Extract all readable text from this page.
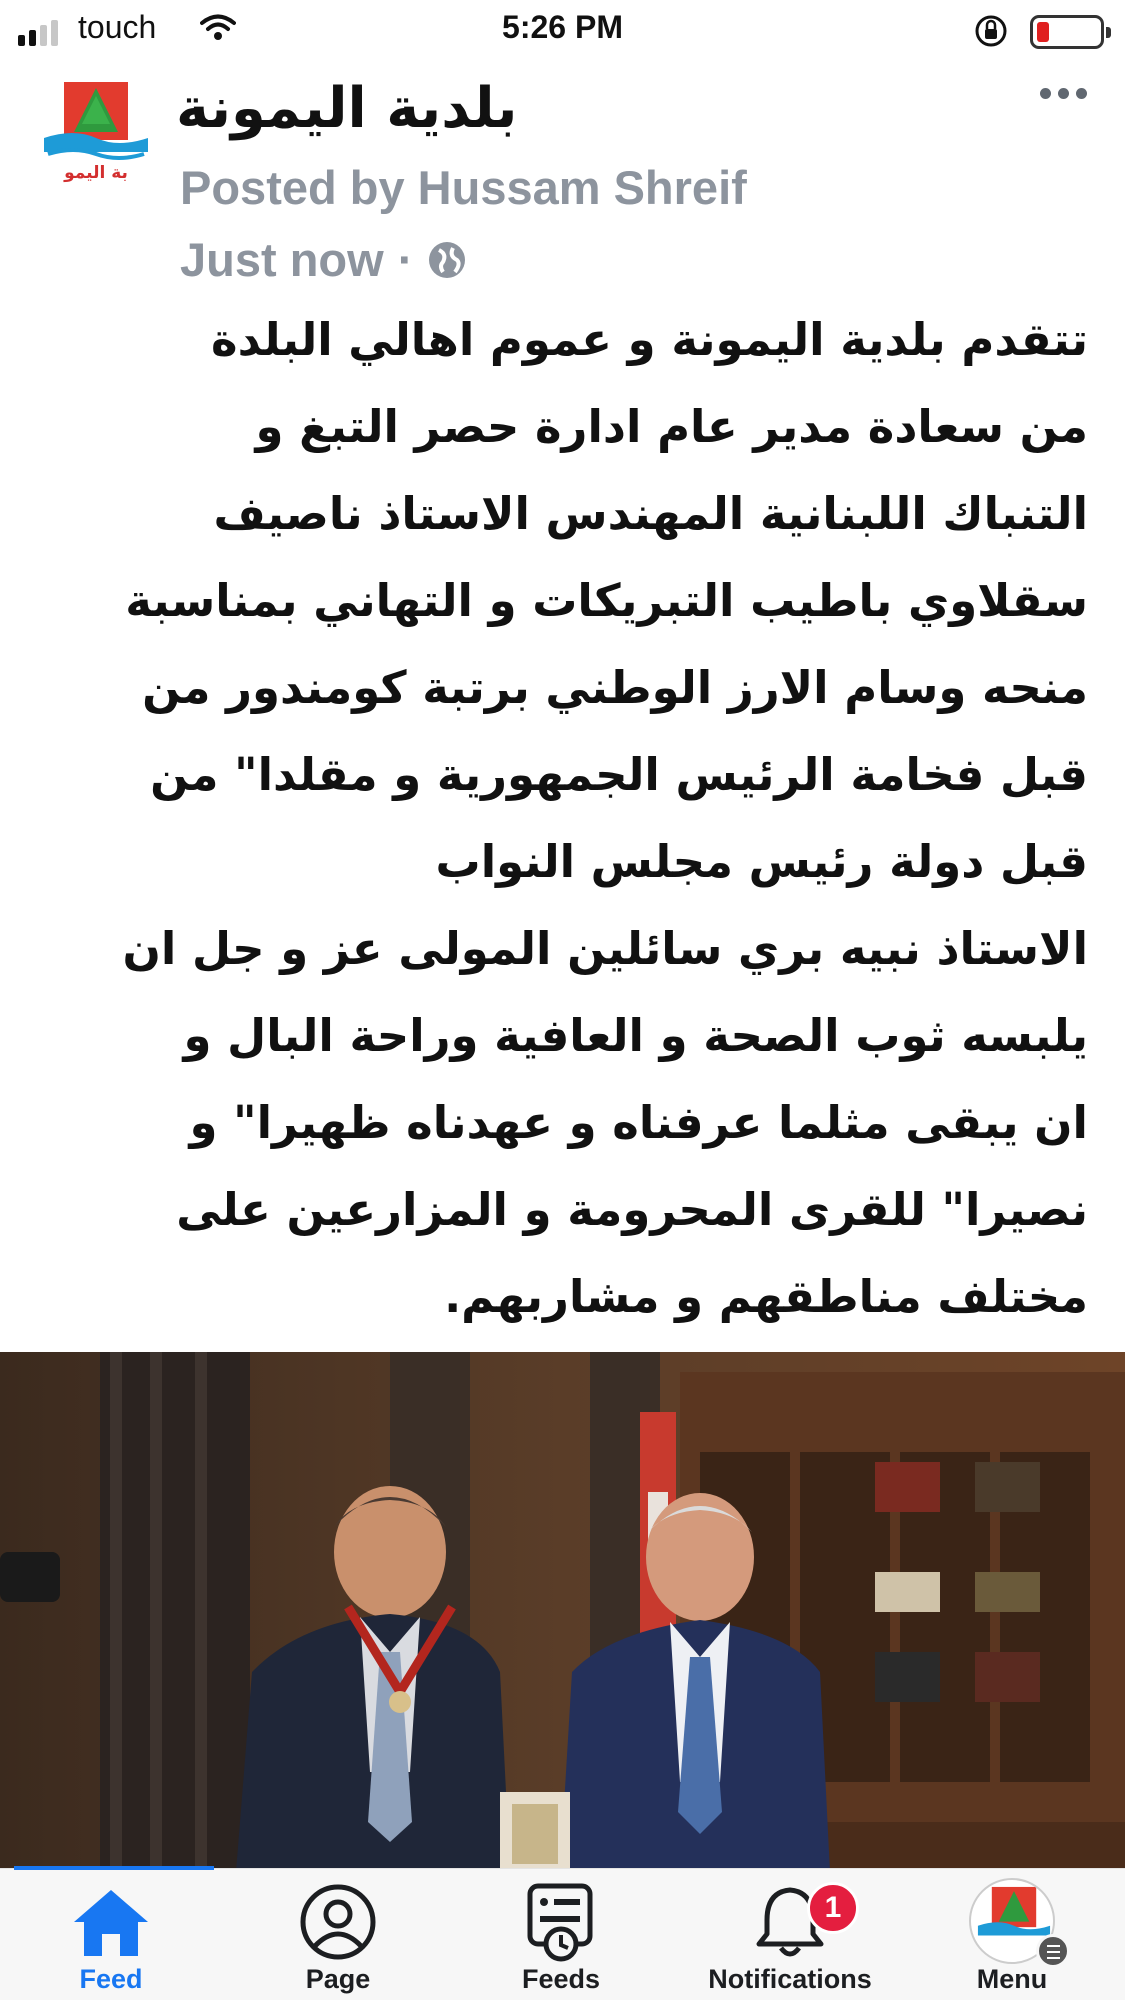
touch	5:26 PM
بة اليمو
بلدية اليمونة
Posted by Hussam Shreif
Just now ·
تتقدم بلدية اليمونة و عموم اهالي البلدة
من سعادة مدير عام ادارة حصر التبغ و
التنباك اللبنانية المهندس الاستاذ ناصيف
سقلاوي باطيب التبريكات و التهاني بمناسبة
منحه وسام الارز الوطني برتبة كومندور من
قبل فخامة الرئيس الجمهورية و مقلدا" من
قبل دولة رئيس مجلس النواب
الاستاذ نبيه بري سائلين المولى عز و جل ان
يلبسه ثوب الصحة و العافية وراحة البال و
ان يبقى مثلما عرفناه و عهدناه ظهيرا" و
نصيرا" للقرى المحرومة و المزارعين على
مختلف مناطقهم و مشاربهم.
Feed	Page	Feeds
1
Notifications	Menu
